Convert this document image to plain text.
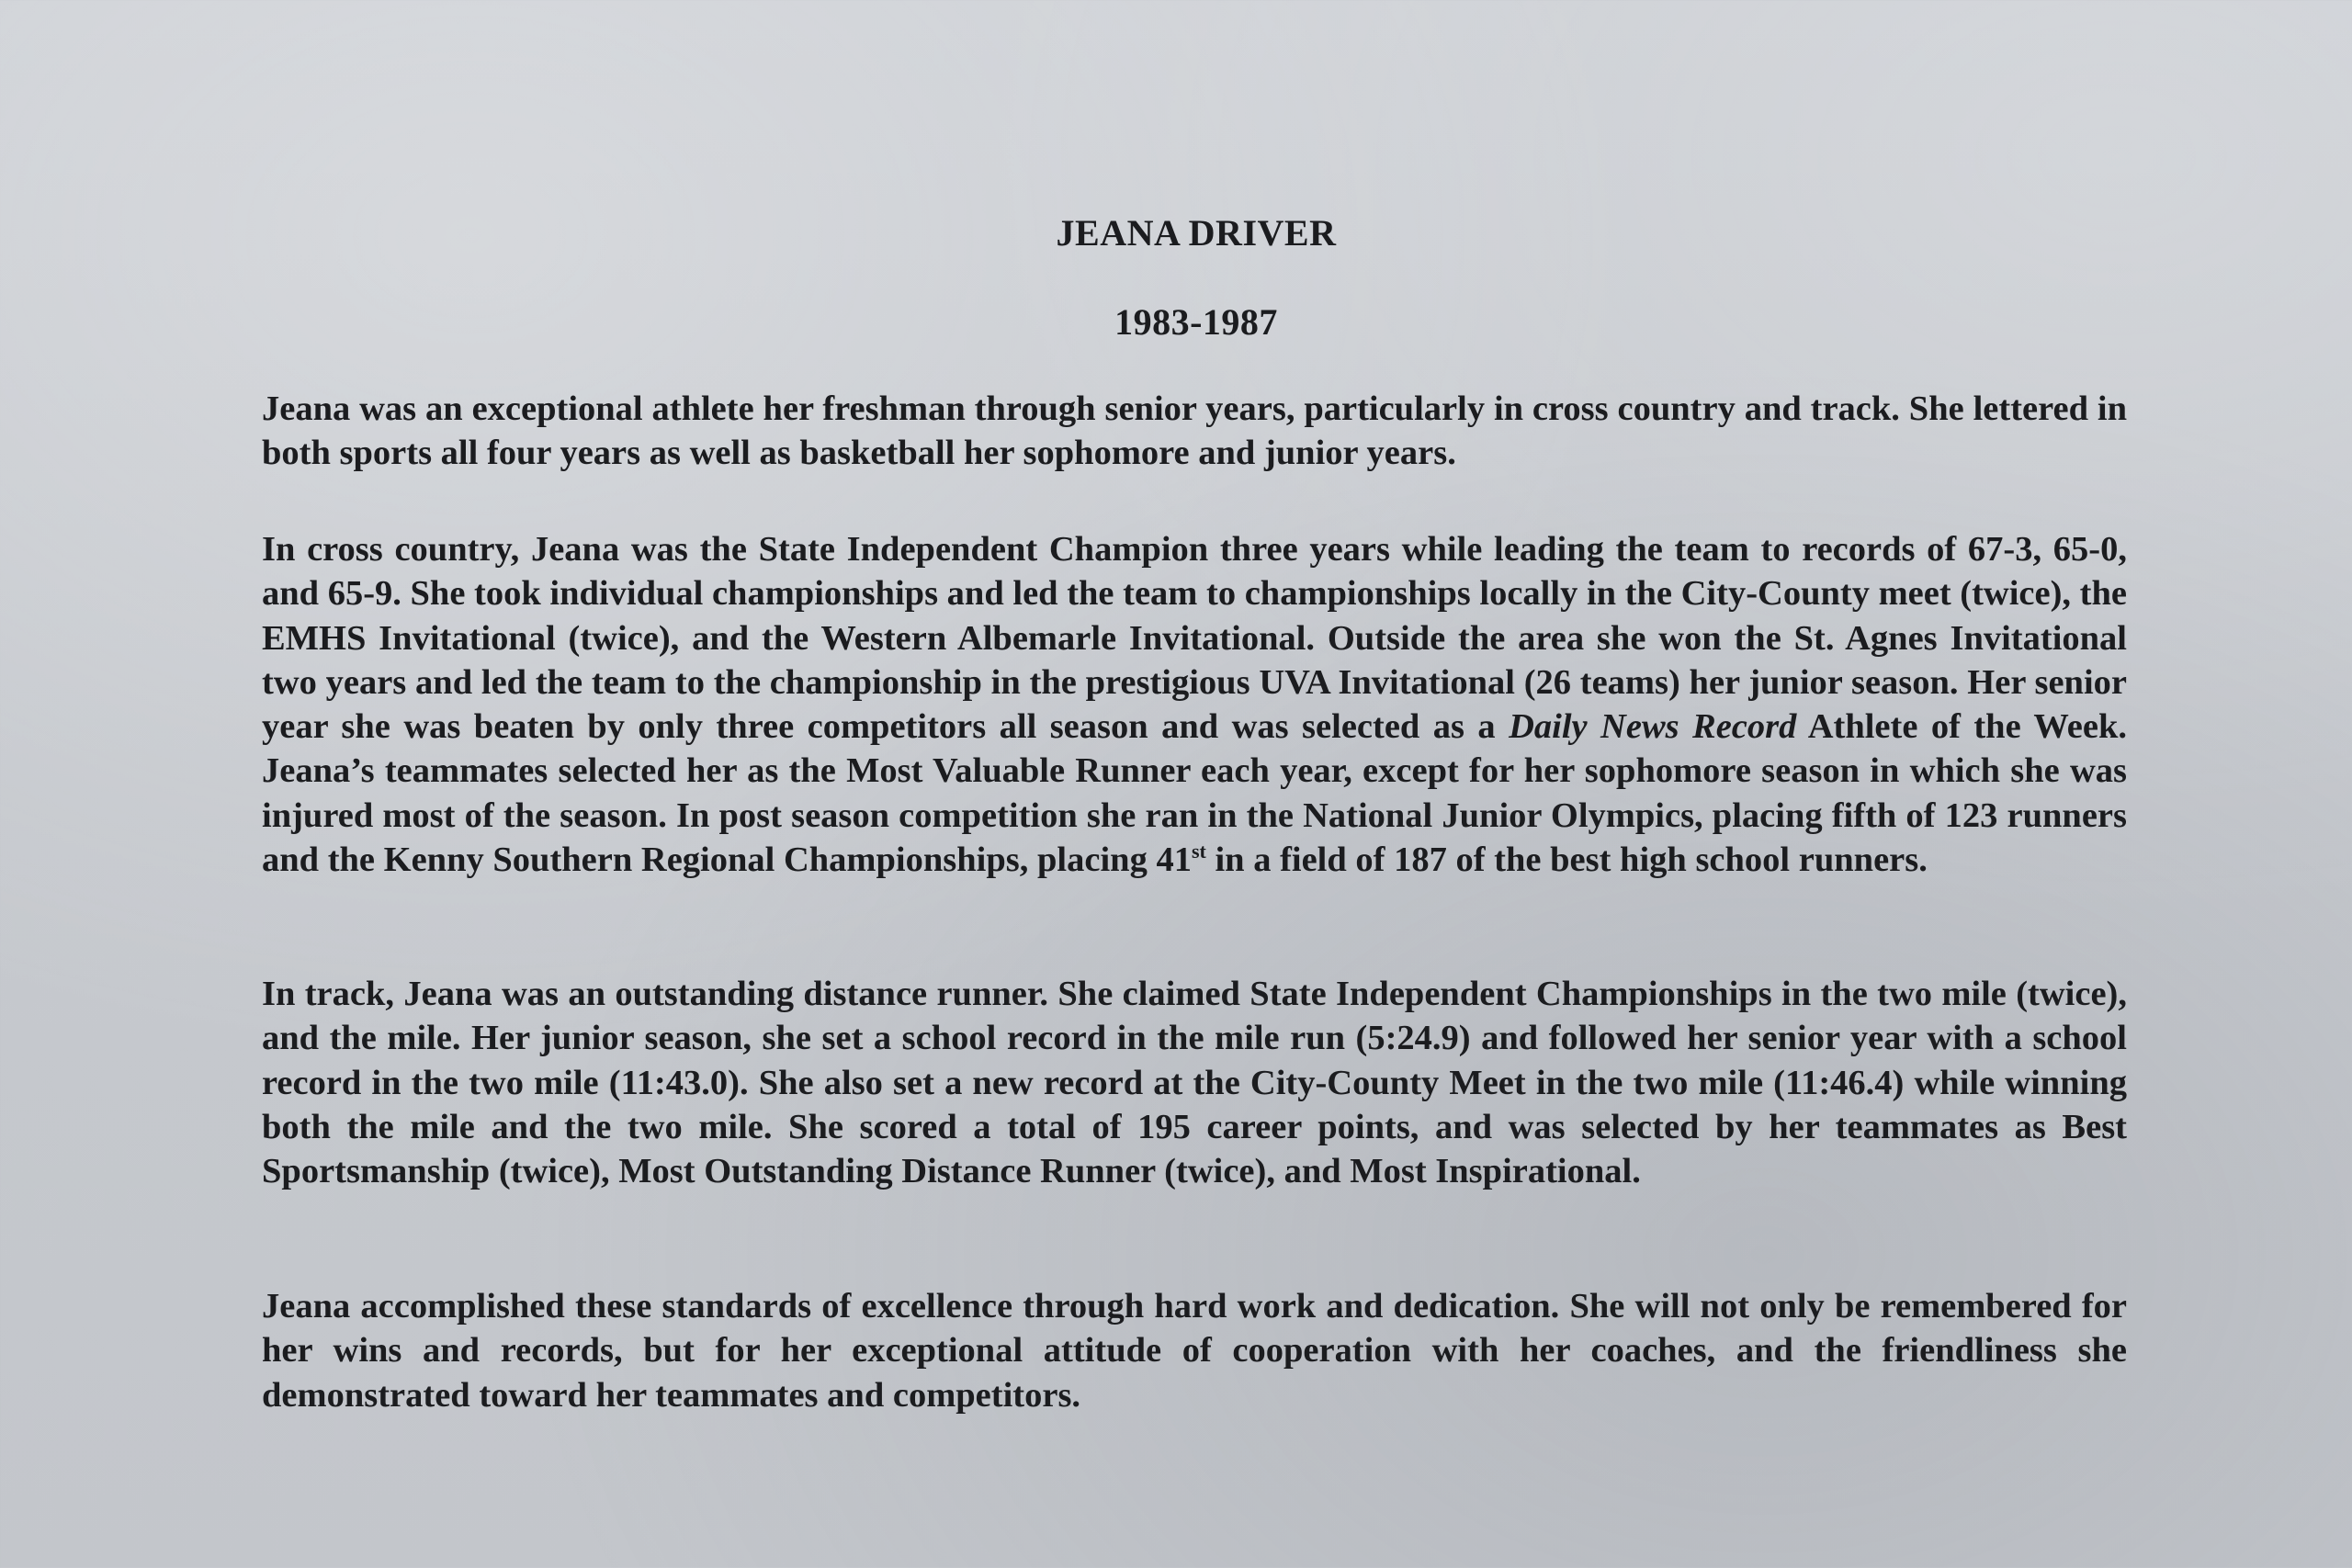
JEANA DRIVER
1983-1987

Jeana was an exceptional athlete her freshman through senior years, particularly in cross country and track. She lettered in both sports all four years as well as basketball her sophomore and junior years.

In cross country, Jeana was the State Independent Champion three years while leading the team to records of 67-3, 65-0, and 65-9. She took individual championships and led the team to championships locally in the City-County meet (twice), the EMHS Invitational (twice), and the Western Albemarle Invitational. Outside the area she won the St. Agnes Invitational two years and led the team to the championship in the prestigious UVA Invitational (26 teams) her junior season. Her senior year she was beaten by only three competitors all season and was selected as a Daily News Record Athlete of the Week. Jeana’s teammates selected her as the Most Valuable Runner each year, except for her sophomore season in which she was injured most of the season. In post season competition she ran in the National Junior Olympics, placing fifth of 123 runners and the Kenny Southern Regional Championships, placing 41st in a field of 187 of the best high school runners.

In track, Jeana was an outstanding distance runner. She claimed State Independent Championships in the two mile (twice), and the mile. Her junior season, she set a school record in the mile run (5:24.9) and followed her senior year with a school record in the two mile (11:43.0). She also set a new record at the City-County Meet in the two mile (11:46.4) while winning both the mile and the two mile. She scored a total of 195 career points, and was selected by her teammates as Best Sportsmanship (twice), Most Outstanding Distance Runner (twice), and Most Inspirational.

Jeana accomplished these standards of excellence through hard work and dedication. She will not only be remembered for her wins and records, but for her exceptional attitude of cooperation with her coaches, and the friendliness she demonstrated toward her teammates and competitors.
